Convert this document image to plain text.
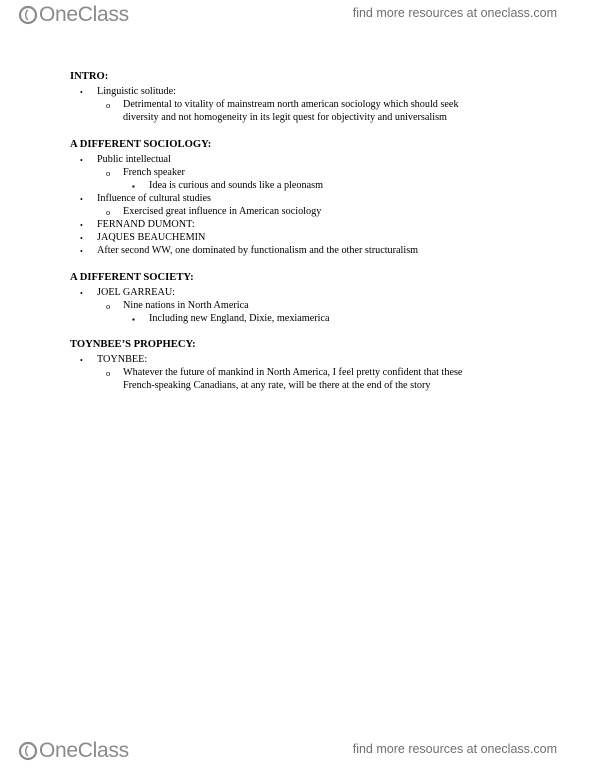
OneClass	find more resources at oneclass.com
INTRO:
•
Linguistic solitude:
o
Detrimental to vitality of mainstream north american sociology which should seek
diversity and not homogeneity in its legit quest for objectivity and universalism
A DIFFERENT SOCIOLOGY:
•
Public intellectual
o
French speaker
▪
Idea is curious and sounds like a pleonasm
•
Influence of cultural studies
o
Exercised great influence in American sociology
•
FERNAND DUMONT:
•
JAQUES BEAUCHEMIN
•
After second WW, one dominated by functionalism and the other structuralism
A DIFFERENT SOCIETY:
•
JOEL GARREAU:
o
Nine nations in North America
▪
Including new England, Dixie, mexiamerica
TOYNBEE’S PROPHECY:
•
TOYNBEE:
o
Whatever the future of mankind in North America, I feel pretty confident that these
French-speaking Canadians, at any rate, will be there at the end of the story
OneClass	find more resources at oneclass.com
